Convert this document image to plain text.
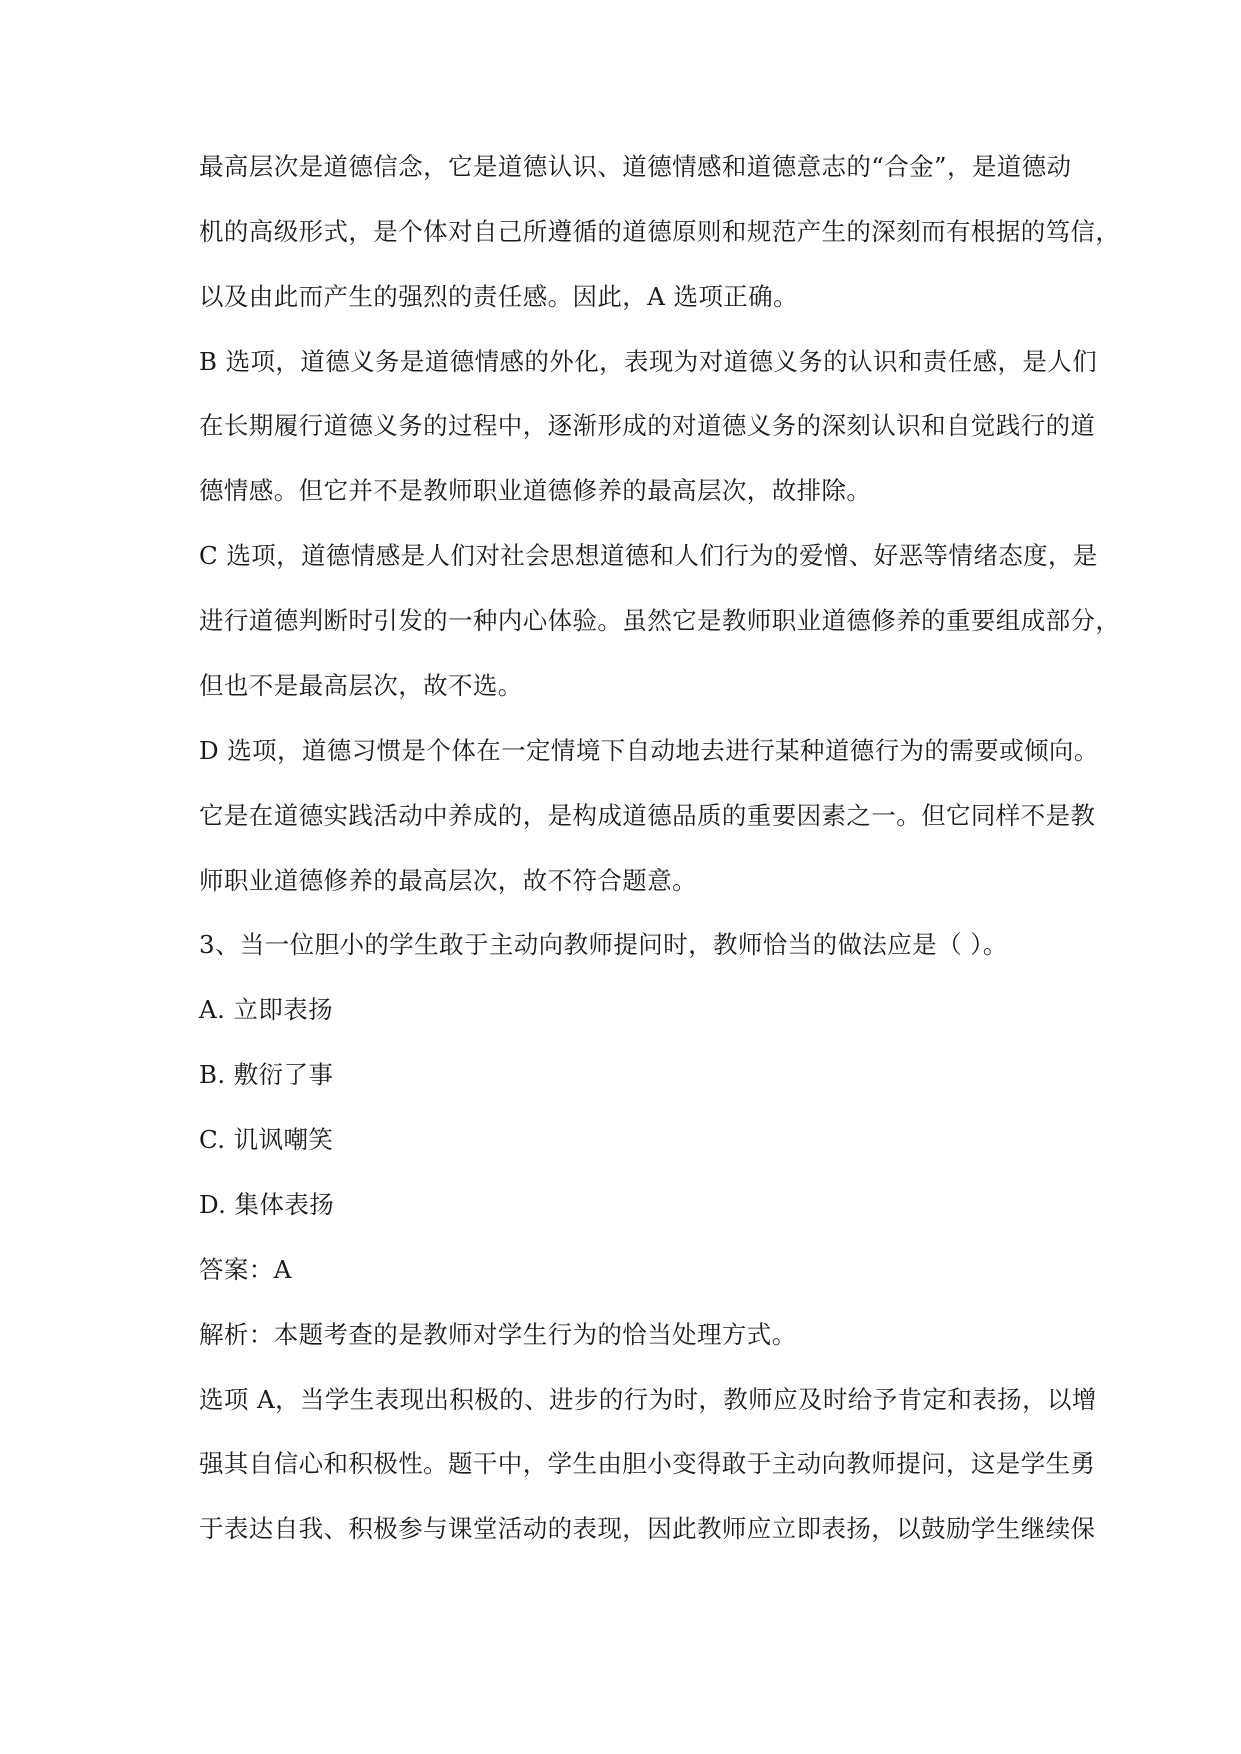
最高层次是道德信念，它是道德认识、道德情感和道德意志的“合金”，是道德动

机的高级形式，是个体对自己所遵循的道德原则和规范产生的深刻而有根据的笃信，

以及由此而产生的强烈的责任感。因此，A 选项正确。

B 选项，道德义务是道德情感的外化，表现为对道德义务的认识和责任感，是人们

在长期履行道德义务的过程中，逐渐形成的对道德义务的深刻认识和自觉践行的道

德情感。但它并不是教师职业道德修养的最高层次，故排除。

C 选项，道德情感是人们对社会思想道德和人们行为的爱憎、好恶等情绪态度，是

进行道德判断时引发的一种内心体验。虽然它是教师职业道德修养的重要组成部分，

但也不是最高层次，故不选。

D 选项，道德习惯是个体在一定情境下自动地去进行某种道德行为的需要或倾向。

它是在道德实践活动中养成的，是构成道德品质的重要因素之一。但它同样不是教

师职业道德修养的最高层次，故不符合题意。

3、当一位胆小的学生敢于主动向教师提问时，教师恰当的做法应是（ ）。

A. 立即表扬

B. 敷衍了事

C. 讥讽嘲笑

D. 集体表扬

答案：A

解析：本题考查的是教师对学生行为的恰当处理方式。

选项 A，当学生表现出积极的、进步的行为时，教师应及时给予肯定和表扬，以增

强其自信心和积极性。题干中，学生由胆小变得敢于主动向教师提问，这是学生勇

于表达自我、积极参与课堂活动的表现，因此教师应立即表扬，以鼓励学生继续保
